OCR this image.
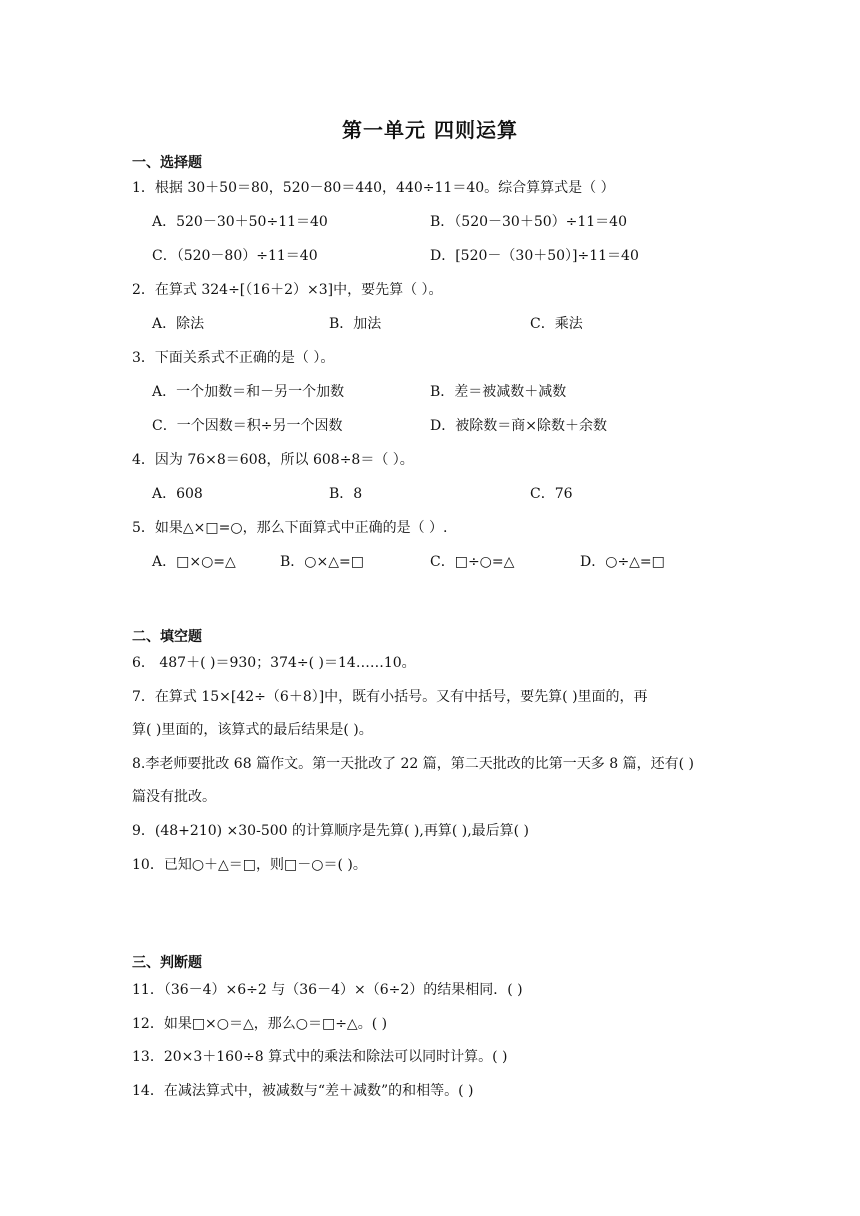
第一单元 四则运算
一、选择题
1．根据 30＋50＝80，520－80＝440，440÷11＝40。综合算算式是（ ）
A．520－30＋50÷11＝40	B．（520－30＋50）÷11＝40
C．（520－80）÷11＝40	D．[520－（30＋50）]÷11＝40
2．在算式 324÷[（16＋2）×3]中，要先算（ ）。
A．除法	B．加法	C．乘法
3．下面关系式不正确的是（ ）。
A．一个加数＝和－另一个加数	B．差＝被减数＋减数
C．一个因数＝积÷另一个因数	D．被除数＝商×除数＋余数
4．因为 76×8＝608，所以 608÷8＝（ ）。
A．608	B．8	C．76
5．如果△×□=○，那么下面算式中正确的是（ ）.
A．□×○=△	B．○×△=□	C．□÷○=△	D．○÷△=□
二、填空题
6． 487＋( )＝930；374÷( )＝14……10。
7．在算式 15×[42÷（6＋8）]中，既有小括号。又有中括号，要先算( )里面的，再
算( )里面的，该算式的最后结果是( )。
8.李老师要批改 68 篇作文。第一天批改了 22 篇，第二天批改的比第一天多 8 篇，还有( )
篇没有批改。
9．(48+210) ×30-500 的计算顺序是先算( ),再算( ),最后算( )
10．已知○＋△＝□，则□－○＝( )。
三、判断题
11．（36－4）×6÷2 与（36－4）×（6÷2）的结果相同．( )
12．如果□×○＝△，那么○＝□÷△。( )
13．20×3＋160÷8 算式中的乘法和除法可以同时计算。( )
14．在减法算式中，被减数与“差＋减数”的和相等。( )
